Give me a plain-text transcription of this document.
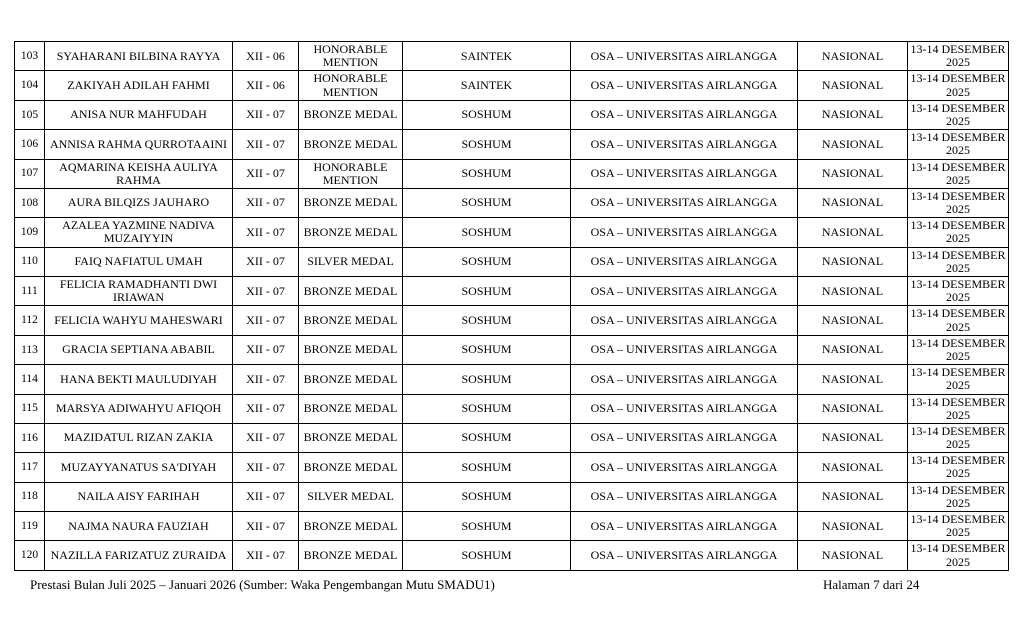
103	SYAHARANI BILBINA RAYYA	XII - 06	HONORABLE MENTION	SAINTEK	OSA – UNIVERSITAS AIRLANGGA	NASIONAL	13-14 DESEMBER 2025
104	ZAKIYAH ADILAH FAHMI	XII - 06	HONORABLE MENTION	SAINTEK	OSA – UNIVERSITAS AIRLANGGA	NASIONAL	13-14 DESEMBER 2025
105	ANISA NUR MAHFUDAH	XII - 07	BRONZE MEDAL	SOSHUM	OSA – UNIVERSITAS AIRLANGGA	NASIONAL	13-14 DESEMBER 2025
106	ANNISA RAHMA QURROTAAINI	XII - 07	BRONZE MEDAL	SOSHUM	OSA – UNIVERSITAS AIRLANGGA	NASIONAL	13-14 DESEMBER 2025
107	AQMARINA KEISHA AULIYA RAHMA	XII - 07	HONORABLE MENTION	SOSHUM	OSA – UNIVERSITAS AIRLANGGA	NASIONAL	13-14 DESEMBER 2025
108	AURA BILQIZS JAUHARO	XII - 07	BRONZE MEDAL	SOSHUM	OSA – UNIVERSITAS AIRLANGGA	NASIONAL	13-14 DESEMBER 2025
109	AZALEA YAZMINE NADIVA MUZAIYYIN	XII - 07	BRONZE MEDAL	SOSHUM	OSA – UNIVERSITAS AIRLANGGA	NASIONAL	13-14 DESEMBER 2025
110	FAIQ NAFIATUL UMAH	XII - 07	SILVER MEDAL	SOSHUM	OSA – UNIVERSITAS AIRLANGGA	NASIONAL	13-14 DESEMBER 2025
111	FELICIA RAMADHANTI DWI IRIAWAN	XII - 07	BRONZE MEDAL	SOSHUM	OSA – UNIVERSITAS AIRLANGGA	NASIONAL	13-14 DESEMBER 2025
112	FELICIA WAHYU MAHESWARI	XII - 07	BRONZE MEDAL	SOSHUM	OSA – UNIVERSITAS AIRLANGGA	NASIONAL	13-14 DESEMBER 2025
113	GRACIA SEPTIANA ABABIL	XII - 07	BRONZE MEDAL	SOSHUM	OSA – UNIVERSITAS AIRLANGGA	NASIONAL	13-14 DESEMBER 2025
114	HANA BEKTI MAULUDIYAH	XII - 07	BRONZE MEDAL	SOSHUM	OSA – UNIVERSITAS AIRLANGGA	NASIONAL	13-14 DESEMBER 2025
115	MARSYA ADIWAHYU AFIQOH	XII - 07	BRONZE MEDAL	SOSHUM	OSA – UNIVERSITAS AIRLANGGA	NASIONAL	13-14 DESEMBER 2025
116	MAZIDATUL RIZAN ZAKIA	XII - 07	BRONZE MEDAL	SOSHUM	OSA – UNIVERSITAS AIRLANGGA	NASIONAL	13-14 DESEMBER 2025
117	MUZAYYANATUS SA'DIYAH	XII - 07	BRONZE MEDAL	SOSHUM	OSA – UNIVERSITAS AIRLANGGA	NASIONAL	13-14 DESEMBER 2025
118	NAILA AISY FARIHAH	XII - 07	SILVER MEDAL	SOSHUM	OSA – UNIVERSITAS AIRLANGGA	NASIONAL	13-14 DESEMBER 2025
119	NAJMA NAURA FAUZIAH	XII - 07	BRONZE MEDAL	SOSHUM	OSA – UNIVERSITAS AIRLANGGA	NASIONAL	13-14 DESEMBER 2025
120	NAZILLA FARIZATUZ ZURAIDA	XII - 07	BRONZE MEDAL	SOSHUM	OSA – UNIVERSITAS AIRLANGGA	NASIONAL	13-14 DESEMBER 2025
Prestasi Bulan Juli 2025 – Januari 2026 (Sumber: Waka Pengembangan Mutu SMADU1)	Halaman 7 dari 24
